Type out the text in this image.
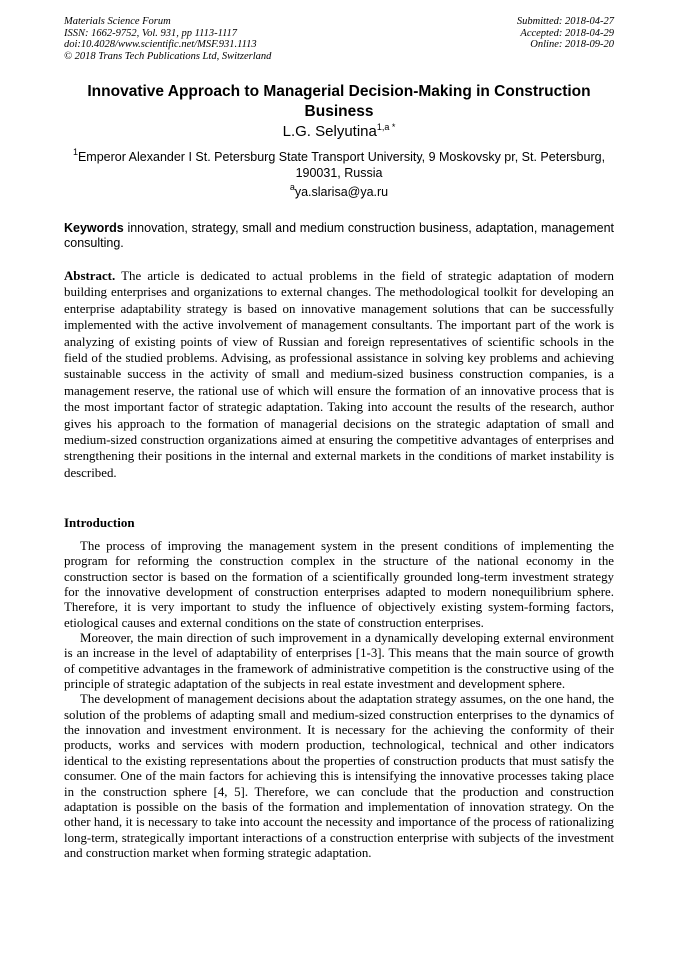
Materials Science Forum
ISSN: 1662-9752, Vol. 931, pp 1113-1117
doi:10.4028/www.scientific.net/MSF.931.1113
© 2018 Trans Tech Publications Ltd, Switzerland
Submitted: 2018-04-27
Accepted: 2018-04-29
Online: 2018-09-20
Innovative Approach to Managerial Decision-Making in Construction Business
L.G. Selyutina$^{1,a *}$
$^1$Emperor Alexander I St. Petersburg State Transport University, 9 Moskovsky pr, St. Petersburg, 190031, Russia
$^a$ya.slarisa@ya.ru
Keywords innovation, strategy, small and medium construction business, adaptation, management consulting.

Abstract. The article is dedicated to actual problems in the field of strategic adaptation of modern building enterprises and organizations to external changes. The methodological toolkit for developing an enterprise adaptability strategy is based on innovative management solutions that can be successfully implemented with the active involvement of management consultants. The important part of the work is analyzing of existing points of view of Russian and foreign representatives of scientific schools in the field of the studied problems. Advising, as professional assistance in solving key problems and achieving sustainable success in the activity of small and medium-sized business construction companies, is a management reserve, the rational use of which will ensure the formation of an innovative process that is the most important factor of strategic adaptation. Taking into account the results of the research, author gives his approach to the formation of managerial decisions on the strategic adaptation of small and medium-sized construction organizations aimed at ensuring the competitive advantages of enterprises and strengthening their positions in the internal and external markets in the conditions of market instability is described.

Introduction

The process of improving the management system in the present conditions of implementing the program for reforming the construction complex in the structure of the national economy in the construction sector is based on the formation of a scientifically grounded long-term investment strategy for the innovative development of construction enterprises adapted to modern nonequilibrium sphere. Therefore, it is very important to study the influence of objectively existing system-forming factors, etiological causes and external conditions on the state of construction enterprises.

Moreover, the main direction of such improvement in a dynamically developing external environment is an increase in the level of adaptability of enterprises [1-3]. This means that the main source of growth of competitive advantages in the framework of administrative competition is the constructive using of the principle of strategic adaptation of the subjects in real estate investment and development sphere.

The development of management decisions about the adaptation strategy assumes, on the one hand, the solution of the problems of adapting small and medium-sized construction enterprises to the dynamics of the innovation and investment environment. It is necessary for the achieving the conformity of their products, works and services with modern production, technological, technical and other indicators identical to the existing representations about the properties of construction products that must satisfy the consumer. One of the main factors for achieving this is intensifying the innovative processes taking place in the construction sphere [4, 5]. Therefore, we can conclude that the production and construction adaptation is possible on the basis of the formation and implementation of innovation strategy. On the other hand, it is necessary to take into account the necessity and importance of the process of rationalizing long-term, strategically important interactions of a construction enterprise with subjects of the investment and construction market when forming strategic adaptation.
